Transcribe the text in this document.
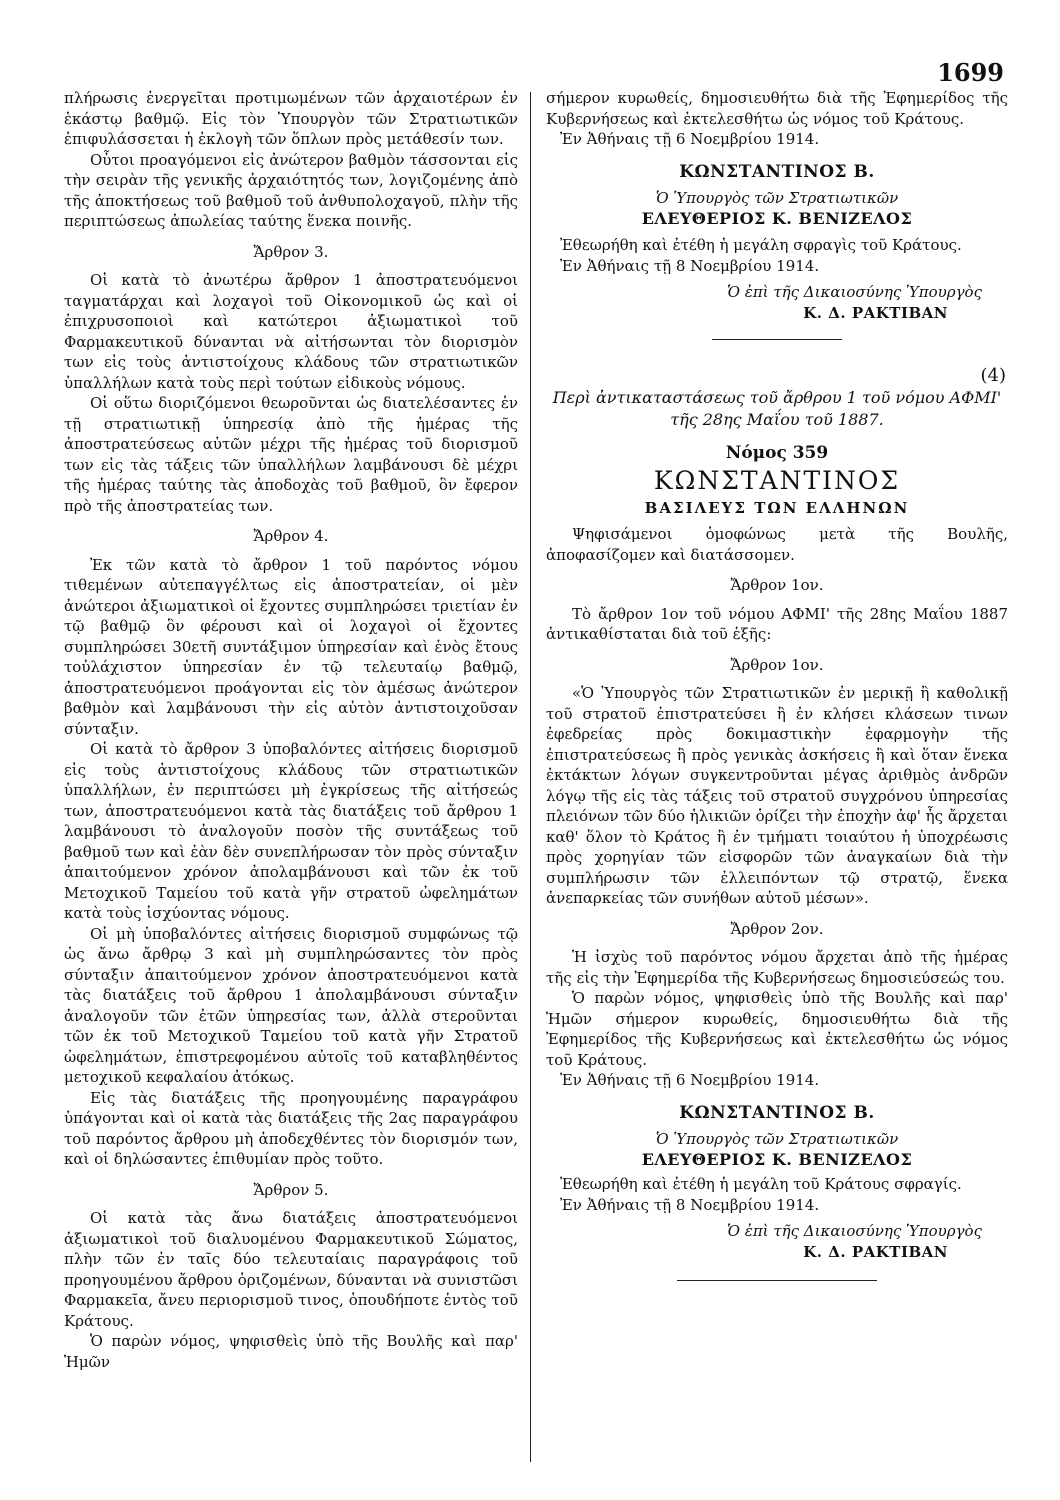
1699

πλήρωσις ἐνεργεῖται προτιμωμένων τῶν ἀρχαιοτέρων ἐν ἑκάστῳ βαθμῷ. Εἰς τὸν Ὑπουργὸν τῶν Στρατιωτικῶν ἐπιφυλάσσεται ἡ ἐκλογὴ τῶν ὅπλων πρὸς μετάθεσίν των.

Οὗτοι προαγόμενοι εἰς ἀνώτερον βαθμὸν τάσσονται εἰς τὴν σειρὰν τῆς γενικῆς ἀρχαιότητός των, λογιζομένης ἀπὸ τῆς ἀποκτήσεως τοῦ βαθμοῦ τοῦ ἀνθυπολοχαγοῦ, πλὴν τῆς περιπτώσεως ἀπωλείας ταύτης ἕνεκα ποινῆς.

Ἄρθρον 3.

Οἱ κατὰ τὸ ἀνωτέρω ἄρθρον 1 ἀποστρατευόμενοι ταγματάρχαι καὶ λοχαγοὶ τοῦ Οἰκονομικοῦ ὡς καὶ οἱ ἐπιχρυσοποιοὶ καὶ κατώτεροι ἀξιωματικοὶ τοῦ Φαρμακευτικοῦ δύνανται νὰ αἰτήσωνται τὸν διορισμὸν των εἰς τοὺς ἀντιστοίχους κλάδους τῶν στρατιωτικῶν ὑπαλλήλων κατὰ τοὺς περὶ τούτων εἰδικοὺς νόμους.

Οἱ οὕτω διοριζόμενοι θεωροῦνται ὡς διατελέσαντες ἐν τῇ στρατιωτικῇ ὑπηρεσίᾳ ἀπὸ τῆς ἡμέρας τῆς ἀποστρατεύσεως αὐτῶν μέχρι τῆς ἡμέρας τοῦ διορισμοῦ των εἰς τὰς τάξεις τῶν ὑπαλλήλων λαμβάνουσι δὲ μέχρι τῆς ἡμέρας ταύτης τὰς ἀποδοχὰς τοῦ βαθμοῦ, ὃν ἔφερον πρὸ τῆς ἀποστρατείας των.

Ἄρθρον 4.

Ἐκ τῶν κατὰ τὸ ἄρθρον 1 τοῦ παρόντος νόμου τιθεμένων αὐτεπαγγέλτως εἰς ἀποστρατείαν, οἱ μὲν ἀνώτεροι ἀξιωματικοὶ οἱ ἔχοντες συμπληρώσει τριετίαν ἐν τῷ βαθμῷ ὃν φέρουσι καὶ οἱ λοχαγοὶ οἱ ἔχοντες συμπληρώσει 30ετῆ συντάξιμον ὑπηρεσίαν καὶ ἑνὸς ἔτους τοὐλάχιστον ὑπηρεσίαν ἐν τῷ τελευταίῳ βαθμῷ, ἀποστρατευόμενοι προάγονται εἰς τὸν ἀμέσως ἀνώτερον βαθμὸν καὶ λαμβάνουσι τὴν εἰς αὐτὸν ἀντιστοιχοῦσαν σύνταξιν.

Οἱ κατὰ τὸ ἄρθρον 3 ὑποβαλόντες αἰτήσεις διορισμοῦ εἰς τοὺς ἀντιστοίχους κλάδους τῶν στρατιωτικῶν ὑπαλλήλων, ἐν περιπτώσει μὴ ἐγκρίσεως τῆς αἰτήσεώς των, ἀποστρατευόμενοι κατὰ τὰς διατάξεις τοῦ ἄρθρου 1 λαμβάνουσι τὸ ἀναλογοῦν ποσὸν τῆς συντάξεως τοῦ βαθμοῦ των καὶ ἐὰν δὲν συνεπλήρωσαν τὸν πρὸς σύνταξιν ἀπαιτούμενον χρόνον ἀπολαμβάνουσι καὶ τῶν ἐκ τοῦ Μετοχικοῦ Ταμείου τοῦ κατὰ γῆν στρατοῦ ὠφελημάτων κατὰ τοὺς ἰσχύοντας νόμους.

Οἱ μὴ ὑποβαλόντες αἰτήσεις διορισμοῦ συμφώνως τῷ ὡς ἄνω ἄρθρῳ 3 καὶ μὴ συμπληρώσαντες τὸν πρὸς σύνταξιν ἀπαιτούμενον χρόνον ἀποστρατευόμενοι κατὰ τὰς διατάξεις τοῦ ἄρθρου 1 ἀπολαμβάνουσι σύνταξιν ἀναλογοῦν τῶν ἐτῶν ὑπηρεσίας των, ἀλλὰ στεροῦνται τῶν ἐκ τοῦ Μετοχικοῦ Ταμείου τοῦ κατὰ γῆν Στρατοῦ ὠφελημάτων, ἐπιστρεφομένου αὐτοῖς τοῦ καταβληθέντος μετοχικοῦ κεφαλαίου ἀτόκως.

Εἰς τὰς διατάξεις τῆς προηγουμένης παραγράφου ὑπάγονται καὶ οἱ κατὰ τὰς διατάξεις τῆς 2ας παραγράφου τοῦ παρόντος ἄρθρου μὴ ἀποδεχθέντες τὸν διορισμόν των, καὶ οἱ δηλώσαντες ἐπιθυμίαν πρὸς τοῦτο.

Ἄρθρον 5.

Οἱ κατὰ τὰς ἄνω διατάξεις ἀποστρατευόμενοι ἀξιωματικοὶ τοῦ διαλυομένου Φαρμακευτικοῦ Σώματος, πλὴν τῶν ἐν ταῖς δύο τελευταίαις παραγράφοις τοῦ προηγουμένου ἄρθρου ὁριζομένων, δύνανται νὰ συνιστῶσι Φαρμακεῖα, ἄνευ περιορισμοῦ τινος, ὁπουδήποτε ἐντὸς τοῦ Κράτους.

Ὁ παρὼν νόμος, ψηφισθεὶς ὑπὸ τῆς Βουλῆς καὶ παρ' Ἡμῶν

σήμερον κυρωθείς, δημοσιευθήτω διὰ τῆς Ἐφημερίδος τῆς Κυβερνήσεως καὶ ἐκτελεσθήτω ὡς νόμος τοῦ Κράτους.

Ἐν Ἀθήναις τῇ 6 Νοεμβρίου 1914.

ΚΩΝΣΤΑΝΤΙΝΟΣ Β.

Ὁ Ὑπουργὸς τῶν Στρατιωτικῶν

ΕΛΕΥΘΕΡΙΟΣ Κ. ΒΕΝΙΖΕΛΟΣ

Ἐθεωρήθη καὶ ἐτέθη ἡ μεγάλη σφραγὶς τοῦ Κράτους.

Ἐν Ἀθήναις τῇ 8 Νοεμβρίου 1914.

Ὁ ἐπὶ τῆς Δικαιοσύνης Ὑπουργὸς

Κ. Δ. ΡΑΚΤΙΒΑΝ

(4)

Περὶ ἀντικαταστάσεως τοῦ ἄρθρου 1 τοῦ νόμου ΑΦΜΙ' τῆς 28ης Μαΐου τοῦ 1887.

Νόμος 359

ΚΩΝΣΤΑΝΤΙΝΟΣ

ΒΑΣΙΛΕΥΣ ΤΩΝ ΕΛΛΗΝΩΝ

Ψηφισάμενοι ὁμοφώνως μετὰ τῆς Βουλῆς, ἀποφασίζομεν καὶ διατάσσομεν.

Ἄρθρον 1ον.

Τὸ ἄρθρον 1ον τοῦ νόμου ΑΦΜΙ' τῆς 28ης Μαΐου 1887 ἀντικαθίσταται διὰ τοῦ ἑξῆς:

Ἄρθρον 1ον.

«Ὁ Ὑπουργὸς τῶν Στρατιωτικῶν ἐν μερικῇ ἢ καθολικῇ τοῦ στρατοῦ ἐπιστρατεύσει ἢ ἐν κλήσει κλάσεων τινων ἐφεδρείας πρὸς δοκιμαστικὴν ἐφαρμογὴν τῆς ἐπιστρατεύσεως ἢ πρὸς γενικὰς ἀσκήσεις ἢ καὶ ὅταν ἕνεκα ἐκτάκτων λόγων συγκεντροῦνται μέγας ἀριθμὸς ἀνδρῶν λόγῳ τῆς εἰς τὰς τάξεις τοῦ στρατοῦ συγχρόνου ὑπηρεσίας πλειόνων τῶν δύο ἡλικιῶν ὁρίζει τὴν ἐποχὴν ἀφ' ἧς ἄρχεται καθ' ὅλον τὸ Κράτος ἢ ἐν τμήματι τοιαύτου ἡ ὑποχρέωσις πρὸς χορηγίαν τῶν εἰσφορῶν τῶν ἀναγκαίων διὰ τὴν συμπλήρωσιν τῶν ἐλλειπόντων τῷ στρατῷ, ἕνεκα ἀνεπαρκείας τῶν συνήθων αὐτοῦ μέσων».

Ἄρθρον 2ον.

Ἡ ἰσχὺς τοῦ παρόντος νόμου ἄρχεται ἀπὸ τῆς ἡμέρας τῆς εἰς τὴν Ἐφημερίδα τῆς Κυβερνήσεως δημοσιεύσεώς του.

Ὁ παρὼν νόμος, ψηφισθεὶς ὑπὸ τῆς Βουλῆς καὶ παρ' Ἡμῶν σήμερον κυρωθείς, δημοσιευθήτω διὰ τῆς Ἐφημερίδος τῆς Κυβερνήσεως καὶ ἐκτελεσθήτω ὡς νόμος τοῦ Κράτους.

Ἐν Ἀθήναις τῇ 6 Νοεμβρίου 1914.

ΚΩΝΣΤΑΝΤΙΝΟΣ Β.

Ὁ Ὑπουργὸς τῶν Στρατιωτικῶν

ΕΛΕΥΘΕΡΙΟΣ Κ. ΒΕΝΙΖΕΛΟΣ

Ἐθεωρήθη καὶ ἐτέθη ἡ μεγάλη τοῦ Κράτους σφραγίς.

Ἐν Ἀθήναις τῇ 8 Νοεμβρίου 1914.

Ὁ ἐπὶ τῆς Δικαιοσύνης Ὑπουργὸς

Κ. Δ. ΡΑΚΤΙΒΑΝ
